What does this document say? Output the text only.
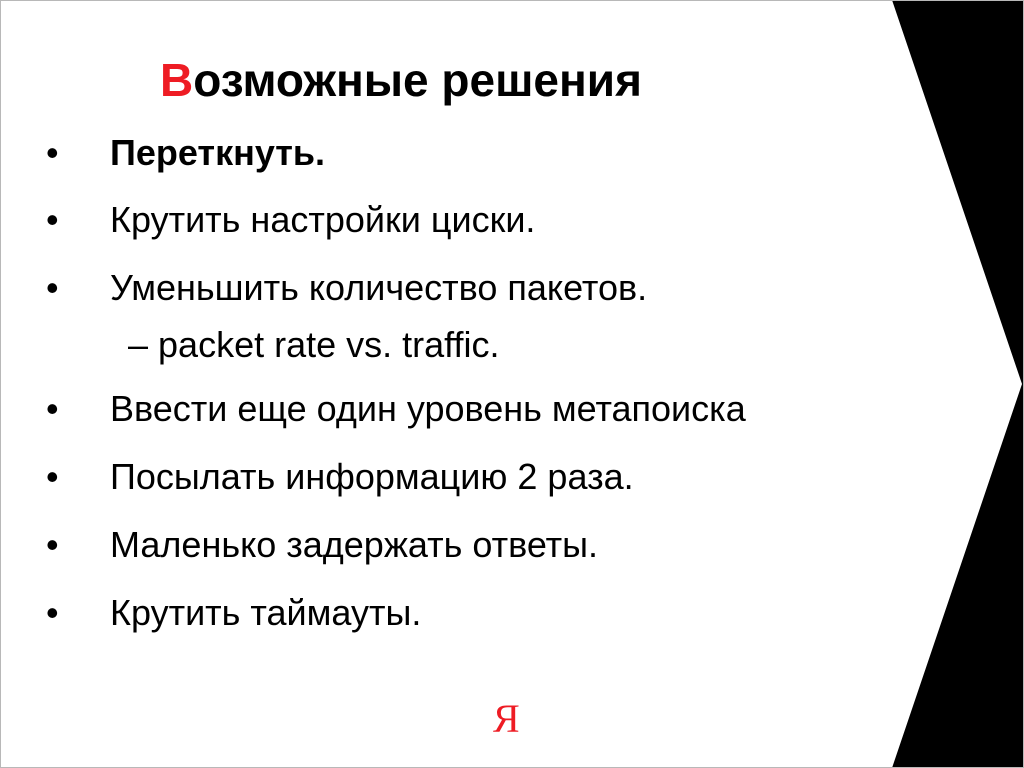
Возможные решения
• Переткнуть.
• Крутить настройки циски.
• Уменьшить количество пакетов.
– packet rate vs. traffic.
• Ввести еще один уровень метапоиска
• Посылать информацию 2 раза.
• Маленько задержать ответы.
• Крутить таймауты.
Я
